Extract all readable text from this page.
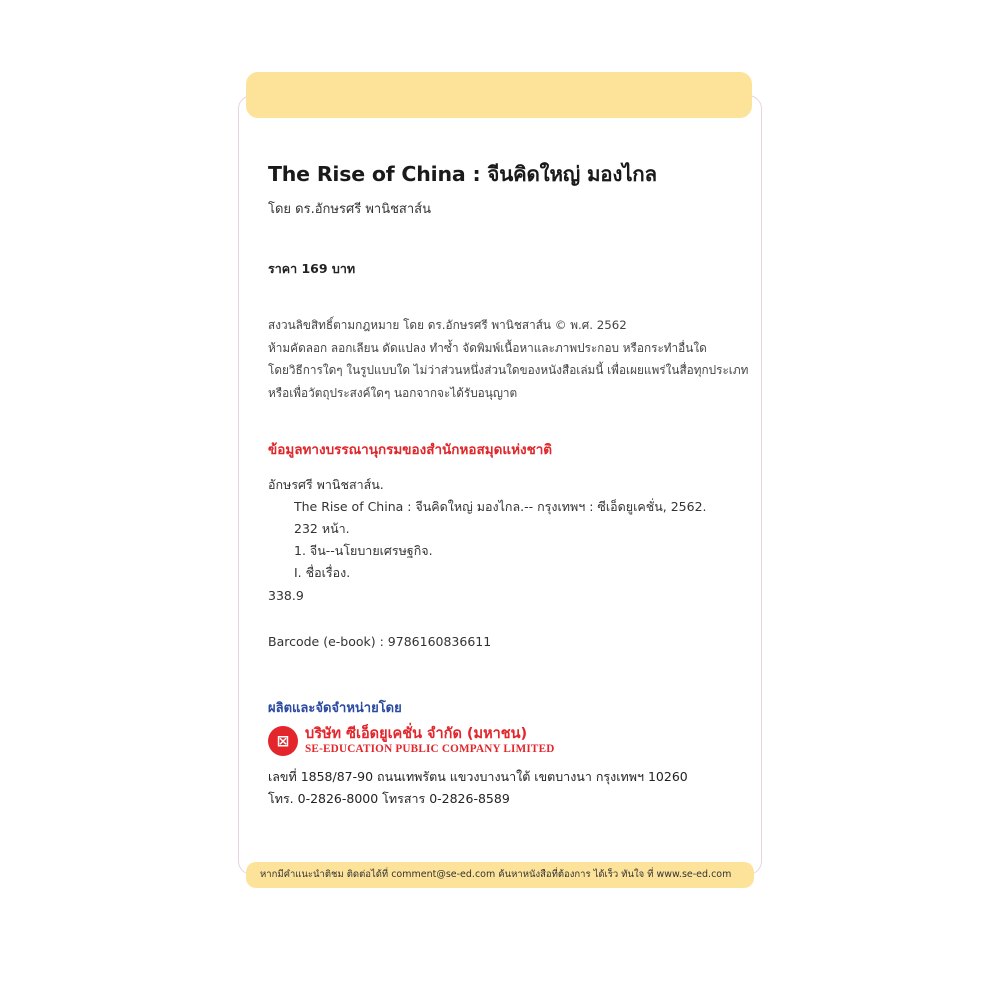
The Rise of China : จีนคิดใหญ่ มองไกล
โดย ดร.อักษรศรี พานิชสาส์น
ราคา 169 บาท
สงวนลิขสิทธิ์ตามกฎหมาย โดย ดร.อักษรศรี พานิชสาส์น © พ.ศ. 2562
ห้ามคัดลอก ลอกเลียน ดัดแปลง ทำซ้ำ จัดพิมพ์เนื้อหาและภาพประกอบ หรือกระทำอื่นใด
โดยวิธีการใดๆ ในรูปแบบใด ไม่ว่าส่วนหนึ่งส่วนใดของหนังสือเล่มนี้ เพื่อเผยแพร่ในสื่อทุกประเภท
หรือเพื่อวัตถุประสงค์ใดๆ นอกจากจะได้รับอนุญาต
ข้อมูลทางบรรณานุกรมของสำนักหอสมุดแห่งชาติ
อักษรศรี พานิชสาส์น.
The Rise of China : จีนคิดใหญ่ มองไกล.-- กรุงเทพฯ : ซีเอ็ดยูเคชั่น, 2562.
232 หน้า.
1. จีน--นโยบายเศรษฐกิจ.
I. ชื่อเรื่อง.
338.9
Barcode (e-book) : 9786160836611
ผลิตและจัดจำหน่ายโดย
⊠	บริษัท ซีเอ็ดยูเคชั่น จำกัด (มหาชน)
SE-EDUCATION PUBLIC COMPANY LIMITED
เลขที่ 1858/87-90 ถนนเทพรัตน แขวงบางนาใต้ เขตบางนา กรุงเทพฯ 10260
โทร. 0-2826-8000 โทรสาร 0-2826-8589
หากมีคำแนะนำติชม ติดต่อได้ที่ comment@se-ed.com ค้นหาหนังสือที่ต้องการ ได้เร็ว ทันใจ ที่ www.se-ed.com
